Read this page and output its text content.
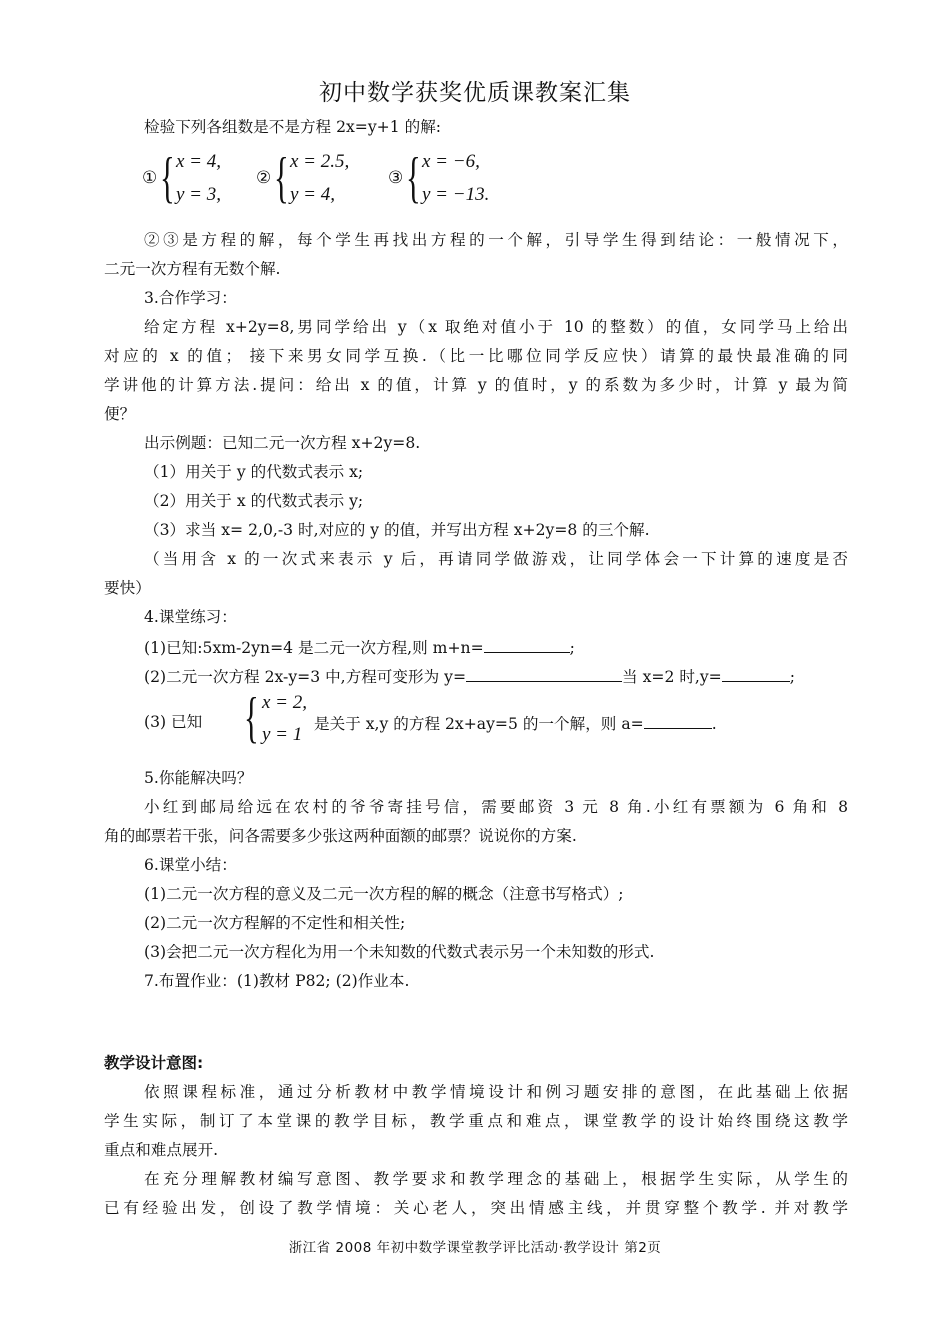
初中数学获奖优质课教案汇集
检验下列各组数是不是方程 2x=y+1 的解:
① { x = 4,
y = 3,
② { x = 2.5,
y = 4,
③ { x = −6,
y = −13.
②③是方程的解，每个学生再找出方程的一个解，引导学生得到结论：一般情况下，
二元一次方程有无数个解.
3.合作学习：
给定方程 x+2y=8,男同学给出 y（x 取绝对值小于 10 的整数）的值，女同学马上给出
对应的 x 的值； 接下来男女同学互换.（比一比哪位同学反应快）请算的最快最准确的同
学讲他的计算方法.提问：给出 x 的值，计算 y 的值时，y 的系数为多少时，计算 y 最为简
便？
出示例题：已知二元一次方程 x+2y=8.
（1）用关于 y 的代数式表示 x;
（2）用关于 x 的代数式表示 y;
（3）求当 x= 2,0,-3 时,对应的 y 的值，并写出方程 x+2y=8 的三个解.
（当用含 x 的一次式来表示 y 后，再请同学做游戏，让同学体会一下计算的速度是否
要快）
4.课堂练习：
(1)已知:5xm-2yn=4 是二元一次方程,则 m+n=	;
(2)二元一次方程 2x-y=3 中,方程可变形为 y=	当 x=2 时,y=	;
(3) 已知 { x = 2,
y = 1 是关于 x,y 的方程 2x+ay=5 的一个解，则 a=	.
5.你能解决吗？
小红到邮局给远在农村的爷爷寄挂号信，需要邮资 3 元 8 角.小红有票额为 6 角和 8
角的邮票若干张，问各需要多少张这两种面额的邮票？说说你的方案.
6.课堂小结：
(1)二元一次方程的意义及二元一次方程的解的概念（注意书写格式）;
(2)二元一次方程解的不定性和相关性;
(3)会把二元一次方程化为用一个未知数的代数式表示另一个未知数的形式.
7.布置作业：(1)教材 P82; (2)作业本.
教学设计意图:
依照课程标准，通过分析教材中教学情境设计和例习题安排的意图，在此基础上依据
学生实际，制订了本堂课的教学目标，教学重点和难点，课堂教学的设计始终围绕这教学
重点和难点展开.
在充分理解教材编写意图、教学要求和教学理念的基础上，根据学生实际，从学生的
已有经验出发，创设了教学情境：关心老人，突出情感主线，并贯穿整个教学. 并对教学
浙江省 2008 年初中数学课堂教学评比活动·教学设计 第2页
